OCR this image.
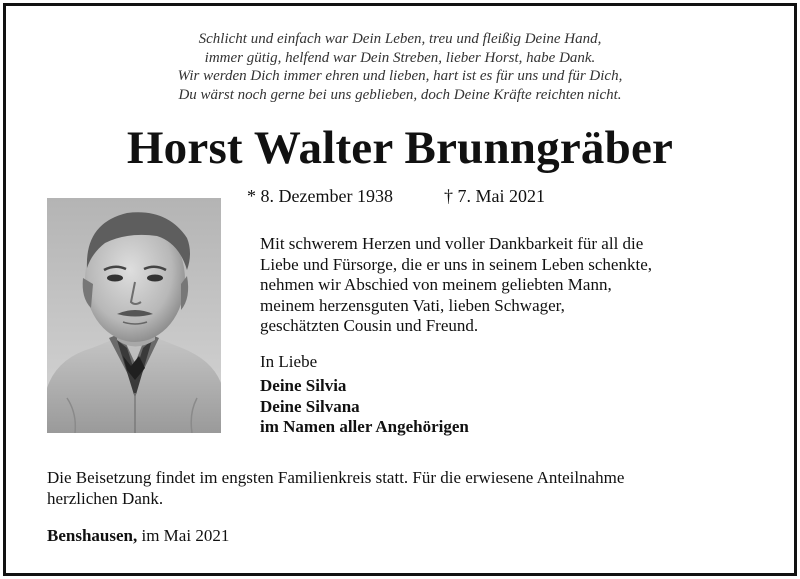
Schlicht und einfach war Dein Leben, treu und fleißig Deine Hand,
immer gütig, helfend war Dein Streben, lieber Horst, habe Dank.
Wir werden Dich immer ehren und lieben, hart ist es für uns und für Dich,
Du wärst noch gerne bei uns geblieben, doch Deine Kräfte reichten nicht.
Horst Walter Brunngräber
* 8. Dezember 1938	† 7. Mai 2021
Mit schwerem Herzen und voller Dankbarkeit für all die
Liebe und Fürsorge, die er uns in seinem Leben schenkte,
nehmen wir Abschied von meinem geliebten Mann,
meinem herzensguten Vati, lieben Schwager,
geschätzten Cousin und Freund.
In Liebe
Deine Silvia
Deine Silvana
im Namen aller Angehörigen
Die Beisetzung findet im engsten Familienkreis statt. Für die erwiesene Anteilnahme
herzlichen Dank.
Benshausen, im Mai 2021
